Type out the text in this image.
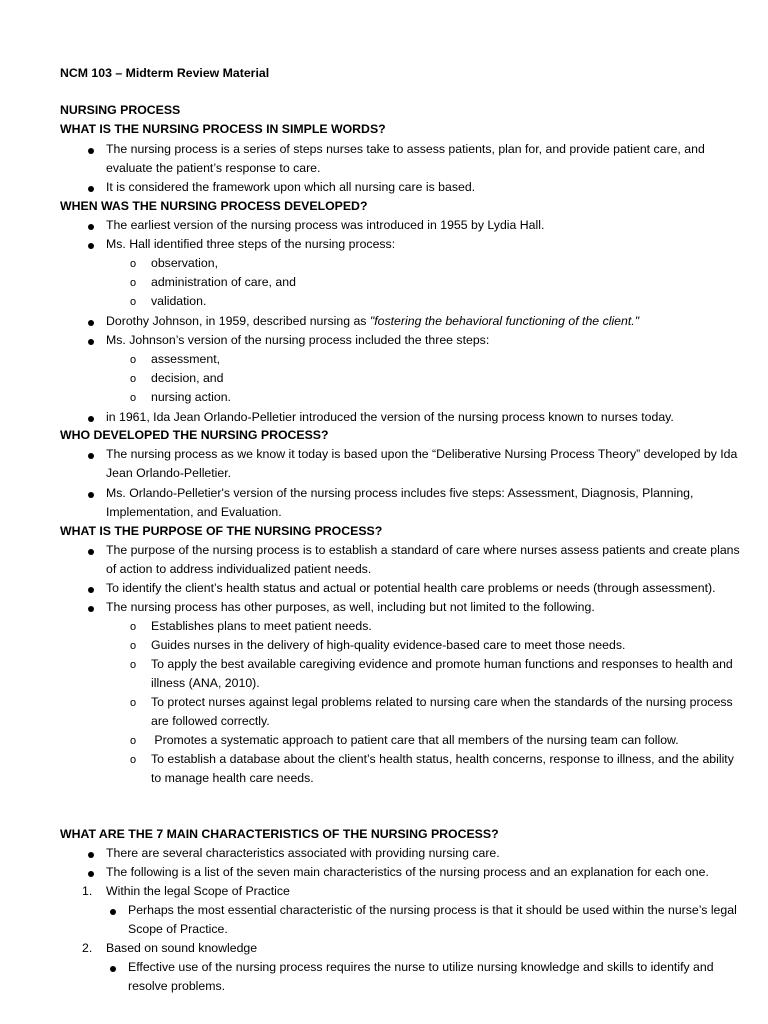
NCM 103 – Midterm Review Material
NURSING PROCESS
WHAT IS THE NURSING PROCESS IN SIMPLE WORDS?
The nursing process is a series of steps nurses take to assess patients, plan for, and provide patient care, and
evaluate the patient’s response to care.
It is considered the framework upon which all nursing care is based.
WHEN WAS THE NURSING PROCESS DEVELOPED?
The earliest version of the nursing process was introduced in 1955 by Lydia Hall.
Ms. Hall identified three steps of the nursing process:
o observation,
o administration of care, and
o validation.
Dorothy Johnson, in 1959, described nursing as "fostering the behavioral functioning of the client."
Ms. Johnson’s version of the nursing process included the three steps:
o assessment,
o decision, and
o nursing action.
in 1961, Ida Jean Orlando-Pelletier introduced the version of the nursing process known to nurses today.
WHO DEVELOPED THE NURSING PROCESS?
The nursing process as we know it today is based upon the “Deliberative Nursing Process Theory” developed by Ida
Jean Orlando-Pelletier.
Ms. Orlando-Pelletier's version of the nursing process includes five steps: Assessment, Diagnosis, Planning,
Implementation, and Evaluation.
WHAT IS THE PURPOSE OF THE NURSING PROCESS?
The purpose of the nursing process is to establish a standard of care where nurses assess patients and create plans
of action to address individualized patient needs.
To identify the client’s health status and actual or potential health care problems or needs (through assessment).
The nursing process has other purposes, as well, including but not limited to the following.
o Establishes plans to meet patient needs.
o Guides nurses in the delivery of high-quality evidence-based care to meet those needs.
o To apply the best available caregiving evidence and promote human functions and responses to health and
illness (ANA, 2010).
o To protect nurses against legal problems related to nursing care when the standards of the nursing process
are followed correctly.
o Promotes a systematic approach to patient care that all members of the nursing team can follow.
o To establish a database about the client’s health status, health concerns, response to illness, and the ability
to manage health care needs.
WHAT ARE THE 7 MAIN CHARACTERISTICS OF THE NURSING PROCESS?
There are several characteristics associated with providing nursing care.
The following is a list of the seven main characteristics of the nursing process and an explanation for each one.
1. Within the legal Scope of Practice
Perhaps the most essential characteristic of the nursing process is that it should be used within the nurse’s legal
Scope of Practice.
2. Based on sound knowledge
Effective use of the nursing process requires the nurse to utilize nursing knowledge and skills to identify and
resolve problems.
